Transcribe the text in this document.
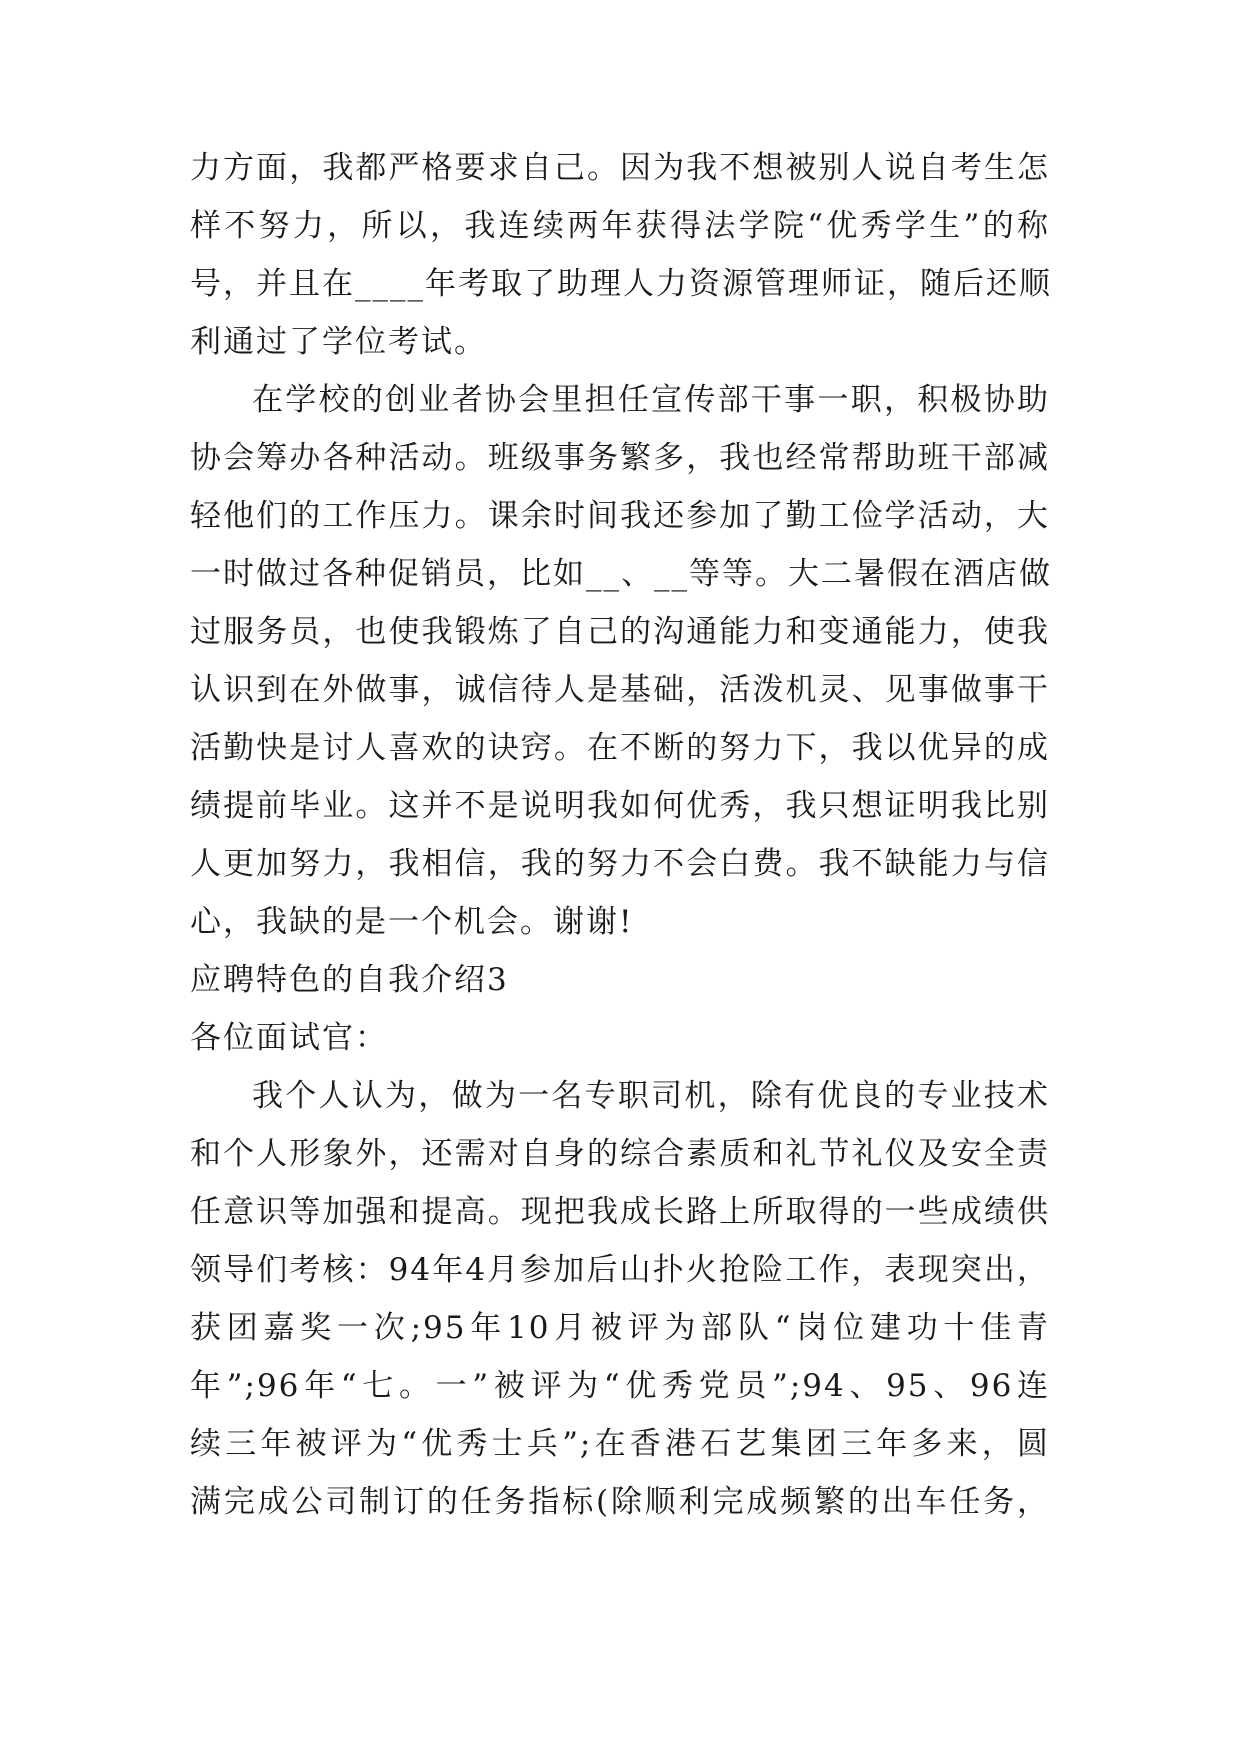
力方面，我都严格要求自己。因为我不想被别人说自考生怎
样不努力，所以，我连续两年获得法学院“优秀学生”的称
号，并且在____年考取了助理人力资源管理师证，随后还顺
利通过了学位考试。
在学校的创业者协会里担任宣传部干事一职，积极协助
协会筹办各种活动。班级事务繁多，我也经常帮助班干部减
轻他们的工作压力。课余时间我还参加了勤工俭学活动，大
一时做过各种促销员，比如__、__等等。大二暑假在酒店做
过服务员，也使我锻炼了自己的沟通能力和变通能力，使我
认识到在外做事，诚信待人是基础，活泼机灵、见事做事干
活勤快是讨人喜欢的诀窍。在不断的努力下，我以优异的成
绩提前毕业。这并不是说明我如何优秀，我只想证明我比别
人更加努力，我相信，我的努力不会白费。我不缺能力与信
心，我缺的是一个机会。谢谢!
应聘特色的自我介绍3
各位面试官：
我个人认为，做为一名专职司机，除有优良的专业技术
和个人形象外，还需对自身的综合素质和礼节礼仪及安全责
任意识等加强和提高。现把我成长路上所取得的一些成绩供
领导们考核：94年4月参加后山扑火抢险工作，表现突出，
获团嘉奖一次;95年10月被评为部队“岗位建功十佳青
年”;96年“七。一”被评为“优秀党员”;94、95、96连
续三年被评为“优秀士兵”;在香港石艺集团三年多来，圆
满完成公司制订的任务指标(除顺利完成频繁的出车任务，
